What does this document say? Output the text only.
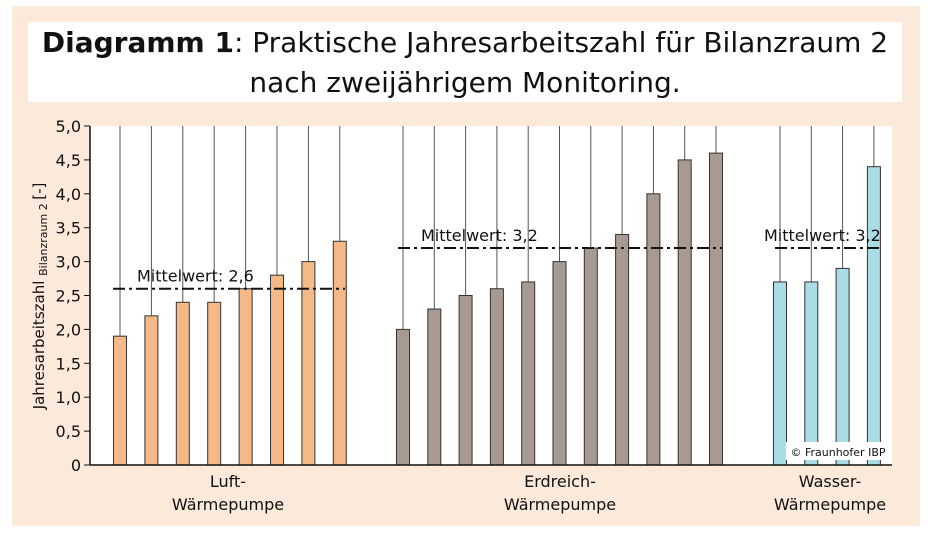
Diagramm 1: Praktische Jahresarbeitszahl für Bilanzraum 2
nach zweijährigem Monitoring.
0
0,5
1,0
1,5
2,0
2,5
3,0
3,5
4,0
4,5
5,0
Mittelwert: 2,6
Mittelwert: 3,2	Mittelwert: 3,2
Luft-
Wärmepumpe
Erdreich-
Wärmepumpe
Wasser-
Wärmepumpe
© Fraunhofer IBP
Jahresarbeitszahl $_{Bilanzraum 2}$ [-]
